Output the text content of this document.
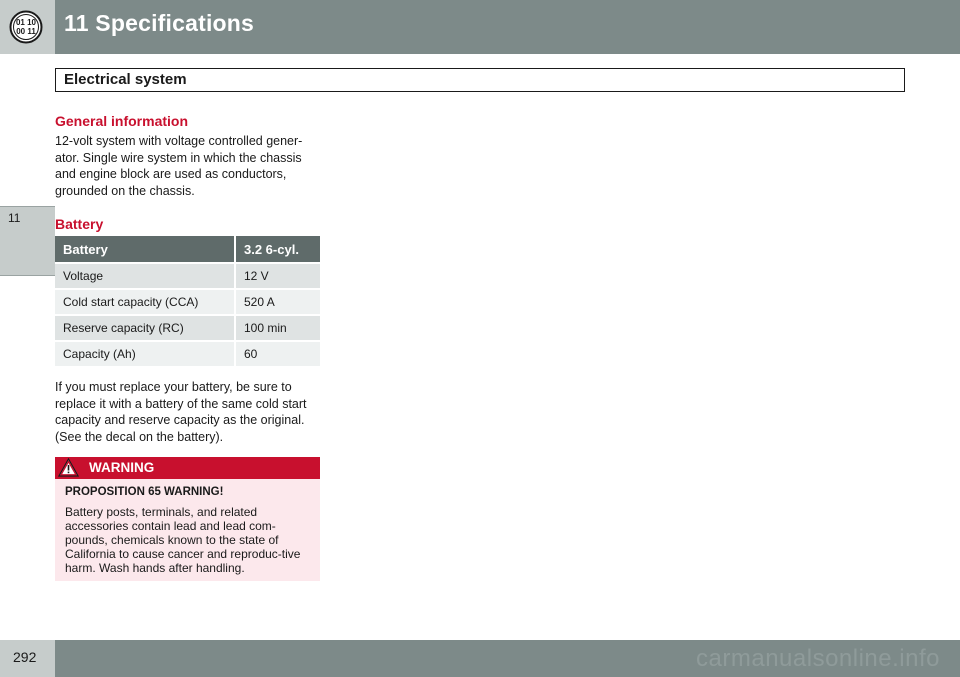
01 10
00 11 11 Specifications
11
Electrical system
General information
12-volt system with voltage controlled gener-ator. Single wire system in which the chassis and engine block are used as conductors, grounded on the chassis.
Battery
Battery	3.2 6-cyl.
Voltage	12 V
Cold start capacity (CCA)	520 A
Reserve capacity (RC)	100 min
Capacity (Ah)	60
If you must replace your battery, be sure to replace it with a battery of the same cold start capacity and reserve capacity as the original. (See the decal on the battery).
WARNING
PROPOSITION 65 WARNING!
Battery posts, terminals, and related accessories contain lead and lead com-pounds, chemicals known to the state of California to cause cancer and reproduc-tive harm. Wash hands after handling.
292	carmanualsonline.info
